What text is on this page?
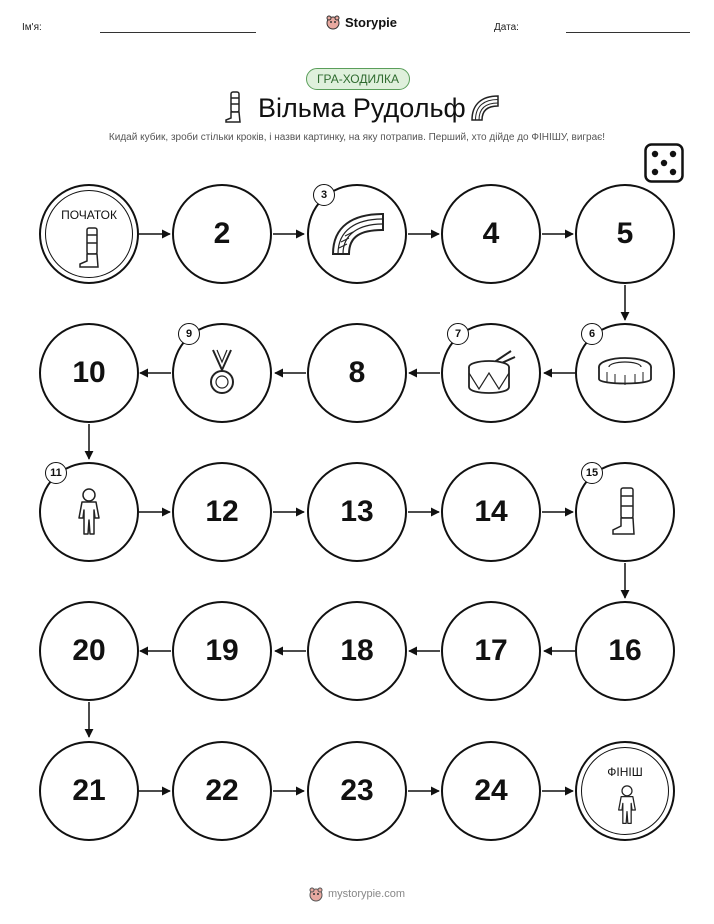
Ім'я:	Storypie	Дата:
ГРА-ХОДИЛКА
Вільма Рудольф
Кидай кубик, зроби стільки кроків, і назви картинку, на яку потрапив. Перший, хто дійде до ФІНІШУ, виграє!
ПОЧАТОК
2
3
4	5
6
7
8
9
10
11
12	13	14
15
16
17
18
19
20
21	22	23	24
ФІНІШ
mystorypie.com
